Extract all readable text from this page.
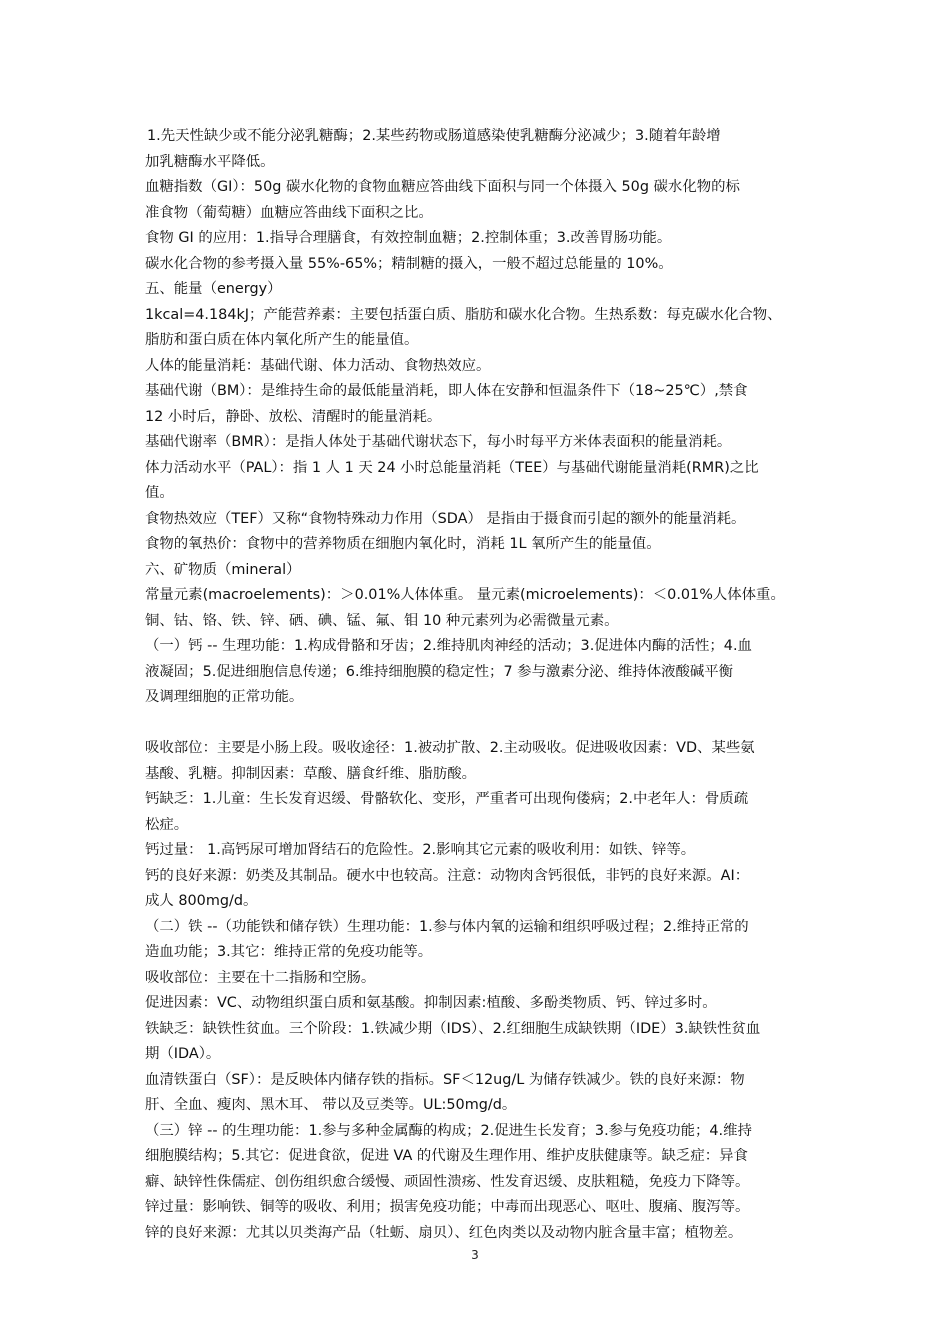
1.先天性缺少或不能分泌乳糖酶；2.某些药物或肠道感染使乳糖酶分泌减少；3.随着年龄增

加乳糖酶水平降低。

血糖指数（GI）：50g 碳水化物的食物血糖应答曲线下面积与同一个体摄入 50g 碳水化物的标

准食物（葡萄糖）血糖应答曲线下面积之比。

食物 GI 的应用：1.指导合理膳食，有效控制血糖；2.控制体重；3.改善胃肠功能。

碳水化合物的参考摄入量 55%-65%；精制糖的摄入，一般不超过总能量的 10%。

五、能量（energy）

1kcal=4.184kJ；产能营养素：主要包括蛋白质、脂肪和碳水化合物。生热系数：每克碳水化合物、

脂肪和蛋白质在体内氧化所产生的能量值。

人体的能量消耗：基础代谢、体力活动、食物热效应。

基础代谢（BM）：是维持生命的最低能量消耗，即人体在安静和恒温条件下（18~25℃）,禁食

12 小时后，静卧、放松、清醒时的能量消耗。

基础代谢率（BMR）：是指人体处于基础代谢状态下，每小时每平方米体表面积的能量消耗。

体力活动水平（PAL）：指 1 人 1 天 24 小时总能量消耗（TEE）与基础代谢能量消耗(RMR)之比

值。

食物热效应（TEF）又称“食物特殊动力作用（SDA） 是指由于摄食而引起的额外的能量消耗。

食物的氧热价：食物中的营养物质在细胞内氧化时，消耗 1L 氧所产生的能量值。

六、矿物质（mineral）

常量元素(macroelements)：＞0.01%人体体重。 量元素(microelements)：＜0.01%人体体重。

铜、钴、铬、铁、锌、硒、碘、锰、氟、钼 10 种元素列为必需微量元素。

（一）钙 -- 生理功能：1.构成骨骼和牙齿；2.维持肌肉神经的活动；3.促进体内酶的活性；4.血

液凝固；5.促进细胞信息传递；6.维持细胞膜的稳定性；7 参与激素分泌、维持体液酸碱平衡

及调理细胞的正常功能。

吸收部位：主要是小肠上段。吸收途径：1.被动扩散、2.主动吸收。促进吸收因素：VD、某些氨

基酸、乳糖。抑制因素：草酸、膳食纤维、脂肪酸。

钙缺乏：1.儿童：生长发育迟缓、骨骼软化、变形，严重者可出现佝偻病；2.中老年人：骨质疏

松症。

钙过量： 1.高钙尿可增加肾结石的危险性。2.影响其它元素的吸收利用：如铁、锌等。

钙的良好来源：奶类及其制品。硬水中也较高。注意：动物肉含钙很低，非钙的良好来源。AI：

成人 800mg/d。

（二）铁 --（功能铁和储存铁）生理功能：1.参与体内氧的运输和组织呼吸过程；2.维持正常的

造血功能；3.其它：维持正常的免疫功能等。

吸收部位：主要在十二指肠和空肠。

促进因素：VC、动物组织蛋白质和氨基酸。抑制因素:植酸、多酚类物质、钙、锌过多时。

铁缺乏：缺铁性贫血。三个阶段：1.铁减少期（IDS）、2.红细胞生成缺铁期（IDE）3.缺铁性贫血

期（IDA）。

血清铁蛋白（SF）：是反映体内储存铁的指标。SF＜12ug/L 为储存铁减少。铁的良好来源：物

肝、全血、瘦肉、黑木耳、 带以及豆类等。UL:50mg/d。

（三）锌 -- 的生理功能：1.参与多种金属酶的构成；2.促进生长发育；3.参与免疫功能；4.维持

细胞膜结构；5.其它：促进食欲，促进 VA 的代谢及生理作用、维护皮肤健康等。缺乏症：异食

癖、缺锌性侏儒症、创伤组织愈合缓慢、顽固性溃疡、性发育迟缓、皮肤粗糙，免疫力下降等。

锌过量：影响铁、铜等的吸收、利用；损害免疫功能；中毒而出现恶心、呕吐、腹痛、腹泻等。

锌的良好来源：尤其以贝类海产品（牡蛎、扇贝）、红色肉类以及动物内脏含量丰富；植物差。

3
